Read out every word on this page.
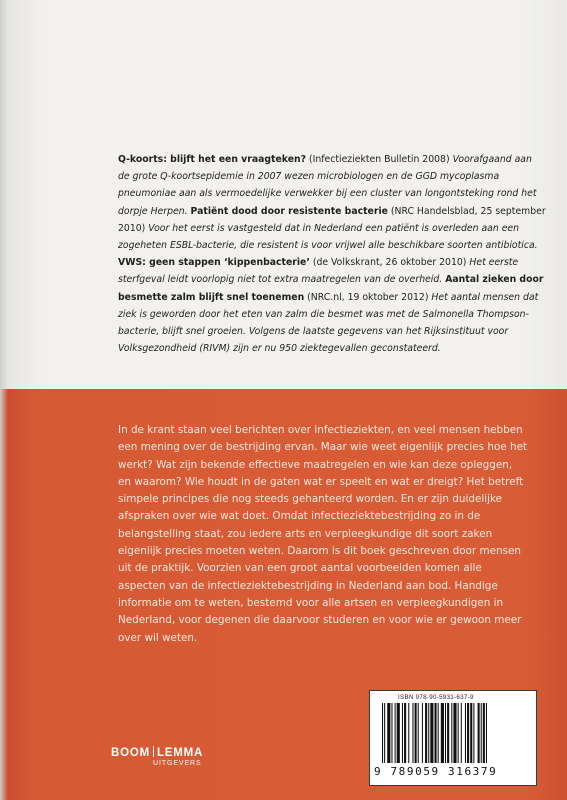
Q-koorts: blijft het een vraagteken? (Infectieziekten Bulletin 2008) Voorafgaand aan de grote Q-koortsepidemie in 2007 wezen microbiologen en de GGD mycoplasma pneumoniae aan als vermoedelijke verwekker bij een cluster van longontsteking rond het dorpje Herpen. Patiënt dood door resistente bacterie (NRC Handelsblad, 25 september 2010) Voor het eerst is vastgesteld dat in Nederland een patiënt is overleden aan een zogeheten ESBL-bacterie, die resistent is voor vrijwel alle beschikbare soorten antibiotica. VWS: geen stappen ‘kippenbacterie’ (de Volkskrant, 26 oktober 2010) Het eerste sterfgeval leidt voorlopig niet tot extra maatregelen van de overheid. Aantal zieken door besmette zalm blijft snel toenemen (NRC.nl, 19 oktober 2012) Het aantal mensen dat ziek is geworden door het eten van zalm die besmet was met de Salmonella Thompson-bacterie, blijft snel groeien. Volgens de laatste gegevens van het Rijksinstituut voor Volksgezondheid (RIVM) zijn er nu 950 ziektegevallen geconstateerd.
In de krant staan veel berichten over infectieziekten, en veel mensen hebben een mening over de bestrijding ervan. Maar wie weet eigenlijk precies hoe het werkt? Wat zijn bekende effectieve maatregelen en wie kan deze opleggen, en waarom? Wie houdt in de gaten wat er speelt en wat er dreigt? Het betreft simpele principes die nog steeds gehanteerd worden. En er zijn duidelijke afspraken over wie wat doet. Omdat infectieziektebestrijding zo in de belangstelling staat, zou iedere arts en verpleegkundige dit soort zaken eigenlijk precies moeten weten. Daarom is dit boek geschreven door mensen uit de praktijk. Voorzien van een groot aantal voorbeelden komen alle aspecten van de infectieziektebestrijding in Nederland aan bod. Handige informatie om te weten, bestemd voor alle artsen en verpleegkundigen in Nederland, voor degenen die daarvoor studeren en voor wie er gewoon meer over wil weten.
ISBN 978-90-5931-637-9
9 789059 316379
BOOM LEMMA
UITGEVERS
